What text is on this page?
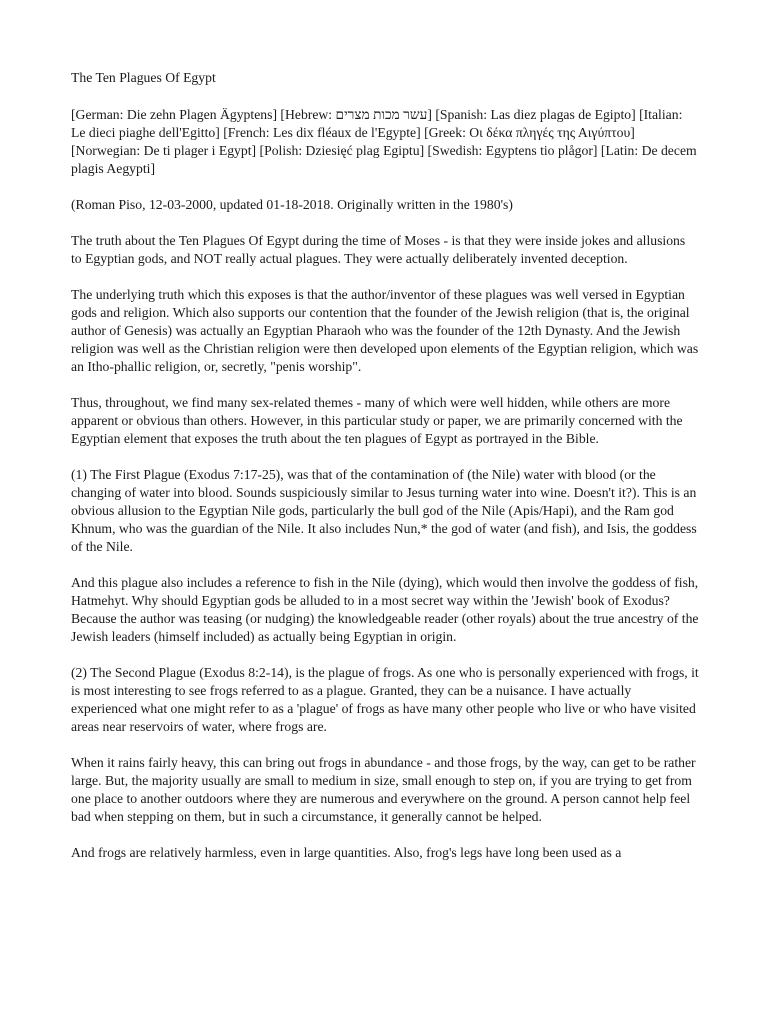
The Ten Plagues Of Egypt

[German: Die zehn Plagen Ägyptens] [Hebrew: עשר מכות מצרים] [Spanish: Las diez plagas de Egipto] [Italian: Le dieci piaghe dell'Egitto] [French: Les dix fléaux de l'Egypte] [Greek: Οι δέκα πληγές της Αιγύπτου] [Norwegian: De ti plager i Egypt] [Polish: Dziesięć plag Egiptu] [Swedish: Egyptens tio plågor] [Latin: De decem plagis Aegypti]

(Roman Piso, 12-03-2000, updated 01-18-2018. Originally written in the 1980's)

The truth about the Ten Plagues Of Egypt during the time of Moses - is that they were inside jokes and allusions to Egyptian gods, and NOT really actual plagues. They were actually deliberately invented deception.

The underlying truth which this exposes is that the author/inventor of these plagues was well versed in Egyptian gods and religion. Which also supports our contention that the founder of the Jewish religion (that is, the original author of Genesis) was actually an Egyptian Pharaoh who was the founder of the 12th Dynasty. And the Jewish religion was well as the Christian religion were then developed upon elements of the Egyptian religion, which was an Itho-phallic religion, or, secretly, "penis worship".

Thus, throughout, we find many sex-related themes - many of which were well hidden, while others are more apparent or obvious than others. However, in this particular study or paper, we are primarily concerned with the Egyptian element that exposes the truth about the ten plagues of Egypt as portrayed in the Bible.

(1) The First Plague (Exodus 7:17-25), was that of the contamination of (the Nile) water with blood (or the changing of water into blood. Sounds suspiciously similar to Jesus turning water into wine. Doesn't it?). This is an obvious allusion to the Egyptian Nile gods, particularly the bull god of the Nile (Apis/Hapi), and the Ram god Khnum, who was the guardian of the Nile. It also includes Nun,* the god of water (and fish), and Isis, the goddess of the Nile.

And this plague also includes a reference to fish in the Nile (dying), which would then involve the goddess of fish, Hatmehyt. Why should Egyptian gods be alluded to in a most secret way within the 'Jewish' book of Exodus? Because the author was teasing (or nudging) the knowledgeable reader (other royals) about the true ancestry of the Jewish leaders (himself included) as actually being Egyptian in origin.

(2) The Second Plague (Exodus 8:2-14), is the plague of frogs. As one who is personally experienced with frogs, it is most interesting to see frogs referred to as a plague. Granted, they can be a nuisance. I have actually experienced what one might refer to as a 'plague' of frogs as have many other people who live or who have visited areas near reservoirs of water, where frogs are.

When it rains fairly heavy, this can bring out frogs in abundance - and those frogs, by the way, can get to be rather large. But, the majority usually are small to medium in size, small enough to step on, if you are trying to get from one place to another outdoors where they are numerous and everywhere on the ground. A person cannot help feel bad when stepping on them, but in such a circumstance, it generally cannot be helped.

And frogs are relatively harmless, even in large quantities. Also, frog's legs have long been used as a
